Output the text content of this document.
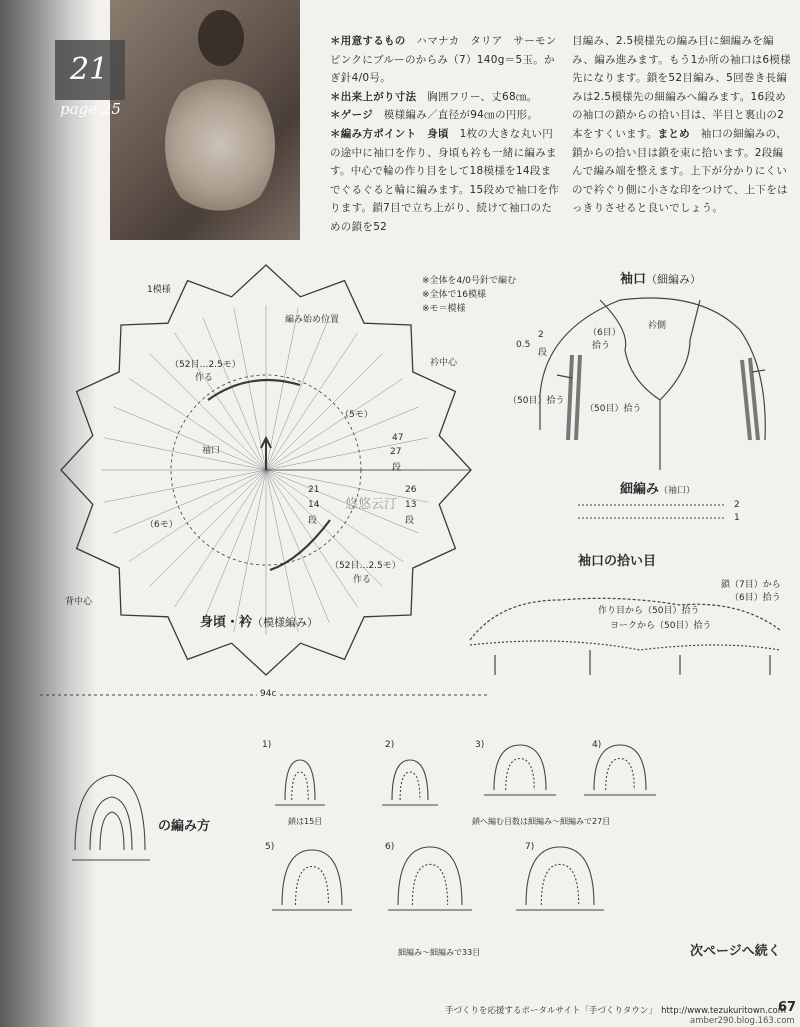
21
page 25
＊用意するもの　ハマナカ　タリア　サーモンピンクにブルーのからみ（7）140g＝5玉。かぎ針4/0号。
＊出来上がり寸法　胸囲フリー、丈68㎝。
＊ゲージ　模様編み／直径が94㎝の円形。
＊編み方ポイント　身頃　1枚の大きな丸い円の途中に袖口を作り、身頃も衿も一緒に編みます。中心で輪の作り目をして18模様を14段までぐるぐると輪に編みます。15段めで袖口を作ります。鎖7目で立ち上がり、続けて袖口のための鎖を52
目編み、2.5模様先の編み目に細編みを編み、編み進みます。もう1か所の袖口は6模様先になります。鎖を52目編み、5回巻き長編みは2.5模様先の細編みへ編みます。16段めの袖口の鎖からの拾い目は、半目と裏山の2本をすくいます。まとめ　袖口の細編みの、鎖からの拾い目は鎖を束に拾います。2段編んで編み端を整えます。上下が分かりにくいので衿ぐり側に小さな印をつけて、上下をはっきりさせると良いでしょう。
※全体を4/0号針で編む
※全体で16模様
※モ＝模様
1模様
編み始め位置
衿中心
（52目…2.5モ）
作る
袖口
（5モ）
（6モ）
47
27
段
21
14
段
26
13
段
（52目…2.5モ）
作る
背中心
身頃・衿（模様編み）
94c
袖口（細編み）
衿側
（6目）
拾う
0.5
2
段
（50目）拾う
（50目）拾う
細編み（袖口）
2
1
袖口の拾い目
鎖（7目）から
（6目）拾う
作り目から（50目）拾う
ヨークから（50目）拾う
の編み方
1)	2)	3)	4)
5)	6)	7)
鎖は15目	鎖へ編む目数は細編み〜細編みで27目
細編み〜細編みで33目	次ページへ続く
悠悠云汀
手づくりを応援するポータルサイト「手づくりタウン」　http://www.tezukuritown.com
67
amber290.blog.163.com
